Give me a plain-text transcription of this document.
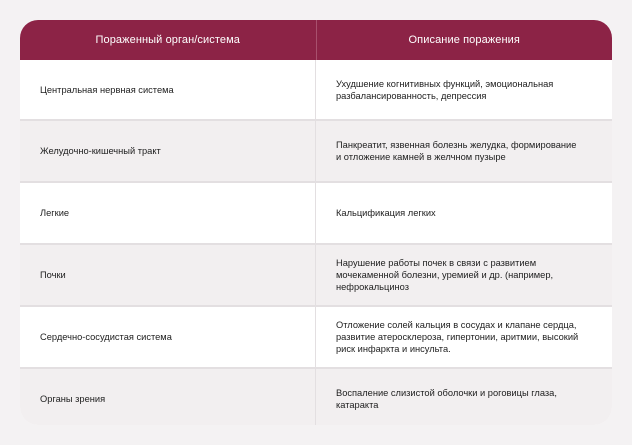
Пораженный орган/система	Описание поражения
Центральная нервная система
Ухудшение когнитивных функций, эмоциональная разбалансированность, депрессия
Желудочно-кишечный тракт
Панкреатит, язвенная болезнь желудка, формирование и отложение камней в желчном пузыре
Легкие	Кальцификация легких
Почки
Нарушение работы почек в связи с развитием мочекаменной болезни, уремией и др. (например, нефрокальциноз
Сердечно-сосудистая система
Отложение солей кальция в сосудах и клапане сердца, развитие атеросклероза, гипертонии, аритмии, высокий риск инфаркта и инсульта.
Органы зрения
Воспаление слизистой оболочки и роговицы глаза, катаракта
